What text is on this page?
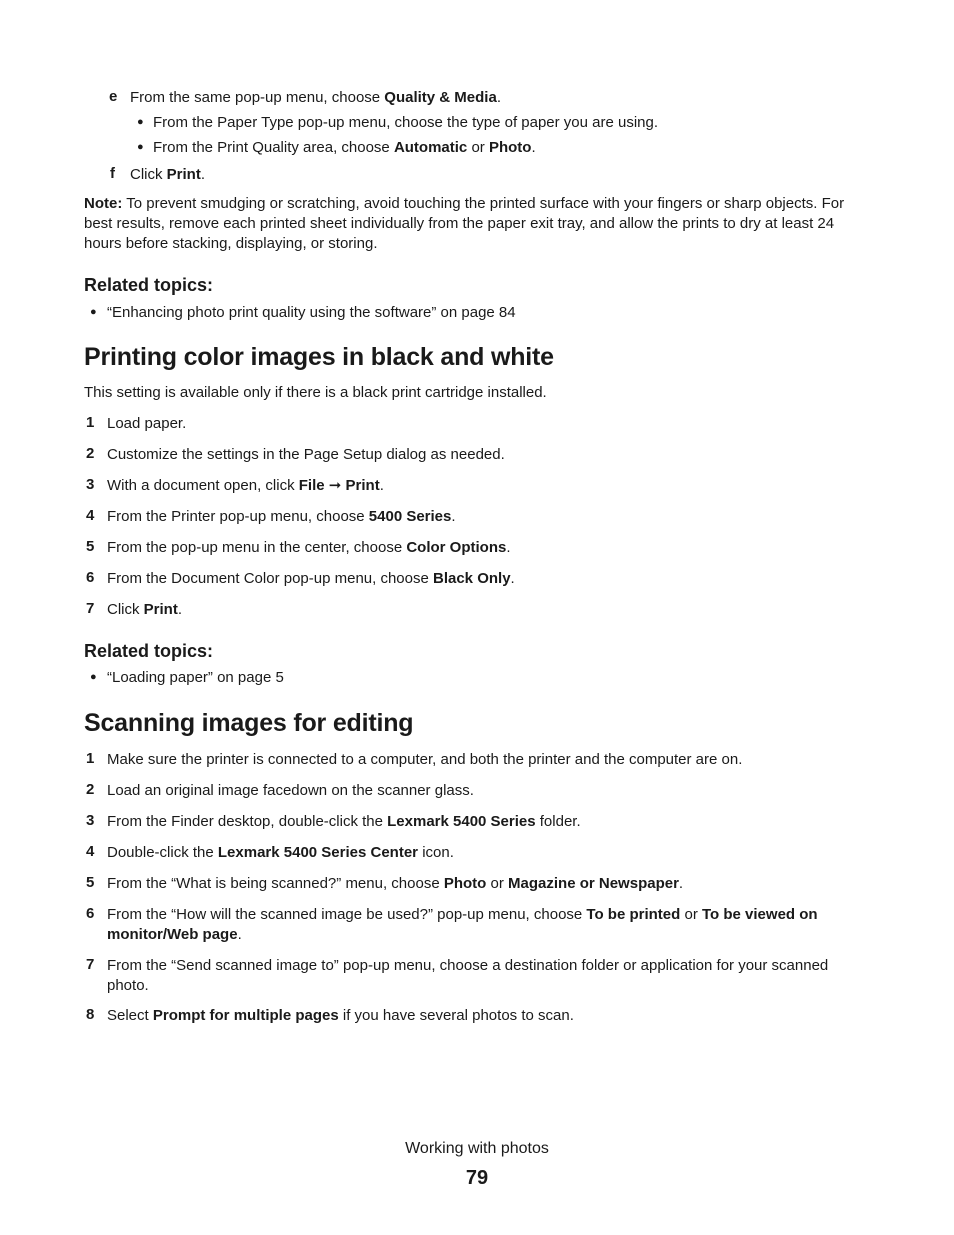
e From the same pop-up menu, choose Quality & Media.
● From the Paper Type pop-up menu, choose the type of paper you are using.
● From the Print Quality area, choose Automatic or Photo.
f Click Print.
Note: To prevent smudging or scratching, avoid touching the printed surface with your fingers or sharp objects. For best results, remove each printed sheet individually from the paper exit tray, and allow the prints to dry at least 24 hours before stacking, displaying, or storing.
Related topics:
● “Enhancing photo print quality using the software” on page 84
Printing color images in black and white
This setting is available only if there is a black print cartridge installed.
1 Load paper.
2 Customize the settings in the Page Setup dialog as needed.
3 With a document open, click File ➞ Print.
4 From the Printer pop-up menu, choose 5400 Series.
5 From the pop-up menu in the center, choose Color Options.
6 From the Document Color pop-up menu, choose Black Only.
7 Click Print.
Related topics:
● “Loading paper” on page 5
Scanning images for editing
1 Make sure the printer is connected to a computer, and both the printer and the computer are on.
2 Load an original image facedown on the scanner glass.
3 From the Finder desktop, double-click the Lexmark 5400 Series folder.
4 Double-click the Lexmark 5400 Series Center icon.
5 From the “What is being scanned?” menu, choose Photo or Magazine or Newspaper.
6 From the “How will the scanned image be used?” pop-up menu, choose To be printed or To be viewed on monitor/Web page.
7 From the “Send scanned image to” pop-up menu, choose a destination folder or application for your scanned photo.
8 Select Prompt for multiple pages if you have several photos to scan.
Working with photos
79
